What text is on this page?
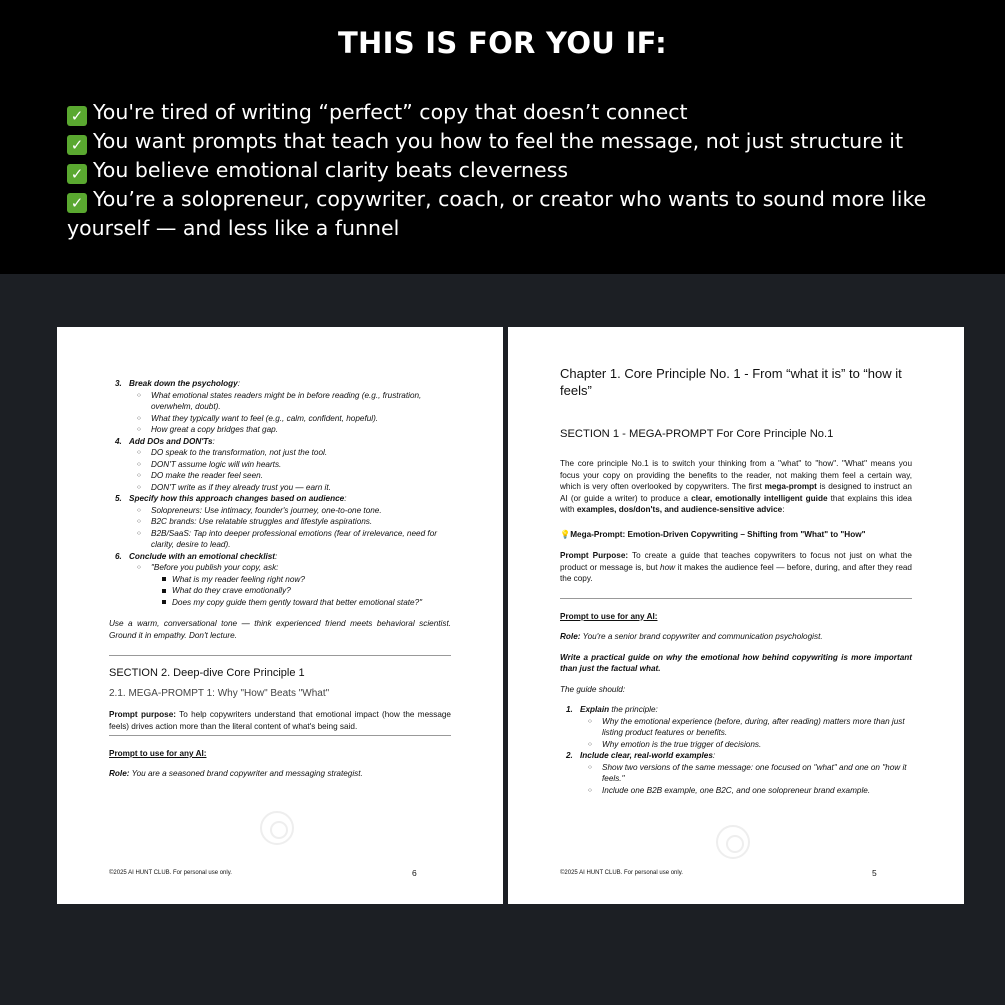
THIS IS FOR YOU IF:
✓ You're tired of writing “perfect” copy that doesn’t connect
✓ You want prompts that teach you how to feel the message, not just structure it
✓ You believe emotional clarity beats cleverness
✓ You’re a solopreneur, copywriter, coach, or creator who wants to sound more like yourself — and less like a funnel
3. Break down the psychology:
○ What emotional states readers might be in before reading (e.g., frustration, overwhelm, doubt).
○ What they typically want to feel (e.g., calm, confident, hopeful).
○ How great a copy bridges that gap.
4. Add DOs and DON'Ts:
○ DO speak to the transformation, not just the tool.
○ DON'T assume logic will win hearts.
○ DO make the reader feel seen.
○ DON'T write as if they already trust you — earn it.
5. Specify how this approach changes based on audience:
○ Solopreneurs: Use intimacy, founder's journey, one-to-one tone.
○ B2C brands: Use relatable struggles and lifestyle aspirations.
○ B2B/SaaS: Tap into deeper professional emotions (fear of irrelevance, need for clarity, desire to lead).
6. Conclude with an emotional checklist:
○ "Before you publish your copy, ask:
What is my reader feeling right now?
What do they crave emotionally?
Does my copy guide them gently toward that better emotional state?"
Use a warm, conversational tone — think experienced friend meets behavioral scientist. Ground it in empathy. Don't lecture.
SECTION 2. Deep-dive Core Principle 1
2.1. MEGA-PROMPT 1: Why "How" Beats "What"
Prompt purpose: To help copywriters understand that emotional impact (how the message feels) drives action more than the literal content of what's being said.
Prompt to use for any AI:
Role: You are a seasoned brand copywriter and messaging strategist.
©2025 AI HUNT CLUB. For personal use only.	6
Chapter 1. Core Principle No. 1 - From “what it is” to “how it feels”
SECTION 1 - MEGA-PROMPT For Core Principle No.1
The core principle No.1 is to switch your thinking from a "what" to "how". "What" means you focus your copy on providing the benefits to the reader, not making them feel a certain way, which is very often overlooked by copywriters. The first mega-prompt is designed to instruct an AI (or guide a writer) to produce a clear, emotionally intelligent guide that explains this idea with examples, dos/don'ts, and audience-sensitive advice:
💡Mega-Prompt: Emotion-Driven Copywriting – Shifting from "What" to "How"
Prompt Purpose: To create a guide that teaches copywriters to focus not just on what the product or message is, but how it makes the audience feel — before, during, and after they read the copy.
Prompt to use for any AI:
Role: You're a senior brand copywriter and communication psychologist.
Write a practical guide on why the emotional how behind copywriting is more important than just the factual what.
The guide should:
1. Explain the principle:
○ Why the emotional experience (before, during, after reading) matters more than just listing product features or benefits.
○ Why emotion is the true trigger of decisions.
2. Include clear, real-world examples:
○ Show two versions of the same message: one focused on "what" and one on "how it feels."
○ Include one B2B example, one B2C, and one solopreneur brand example.
©2025 AI HUNT CLUB. For personal use only.	5
